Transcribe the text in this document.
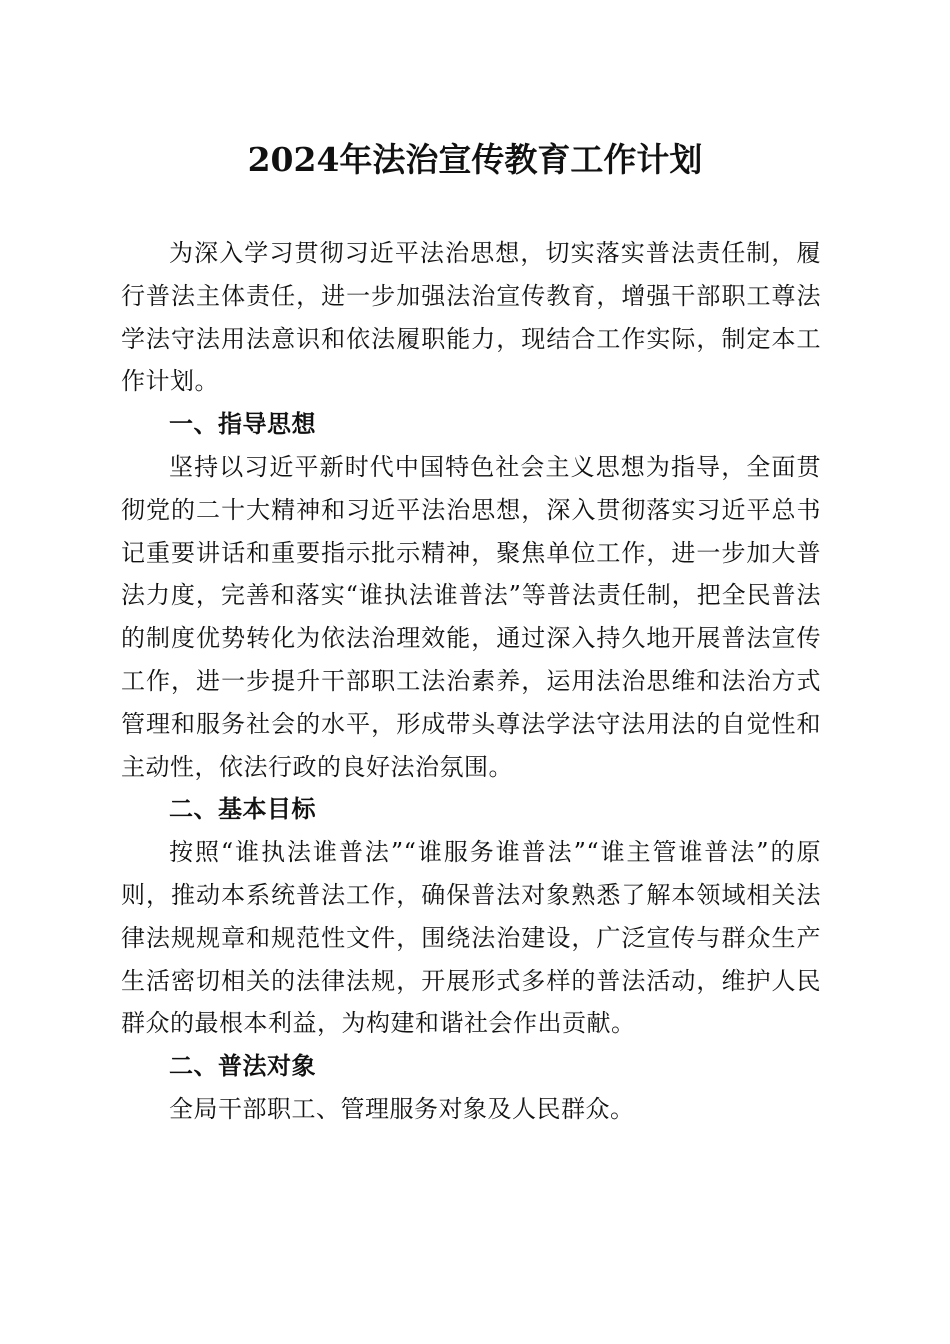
2024年法治宣传教育工作计划

为深入学习贯彻习近平法治思想，切实落实普法责任制，履行普法主体责任，进一步加强法治宣传教育，增强干部职工尊法学法守法用法意识和依法履职能力，现结合工作实际，制定本工作计划。

一、指导思想

坚持以习近平新时代中国特色社会主义思想为指导，全面贯彻党的二十大精神和习近平法治思想，深入贯彻落实习近平总书记重要讲话和重要指示批示精神，聚焦单位工作，进一步加大普法力度，完善和落实“谁执法谁普法”等普法责任制，把全民普法的制度优势转化为依法治理效能，通过深入持久地开展普法宣传工作，进一步提升干部职工法治素养，运用法治思维和法治方式管理和服务社会的水平，形成带头尊法学法守法用法的自觉性和主动性，依法行政的良好法治氛围。

二、基本目标

按照“谁执法谁普法”“谁服务谁普法”“谁主管谁普法”的原则，推动本系统普法工作，确保普法对象熟悉了解本领域相关法律法规规章和规范性文件，围绕法治建设，广泛宣传与群众生产生活密切相关的法律法规，开展形式多样的普法活动，维护人民群众的最根本利益，为构建和谐社会作出贡献。

二、普法对象

全局干部职工、管理服务对象及人民群众。
